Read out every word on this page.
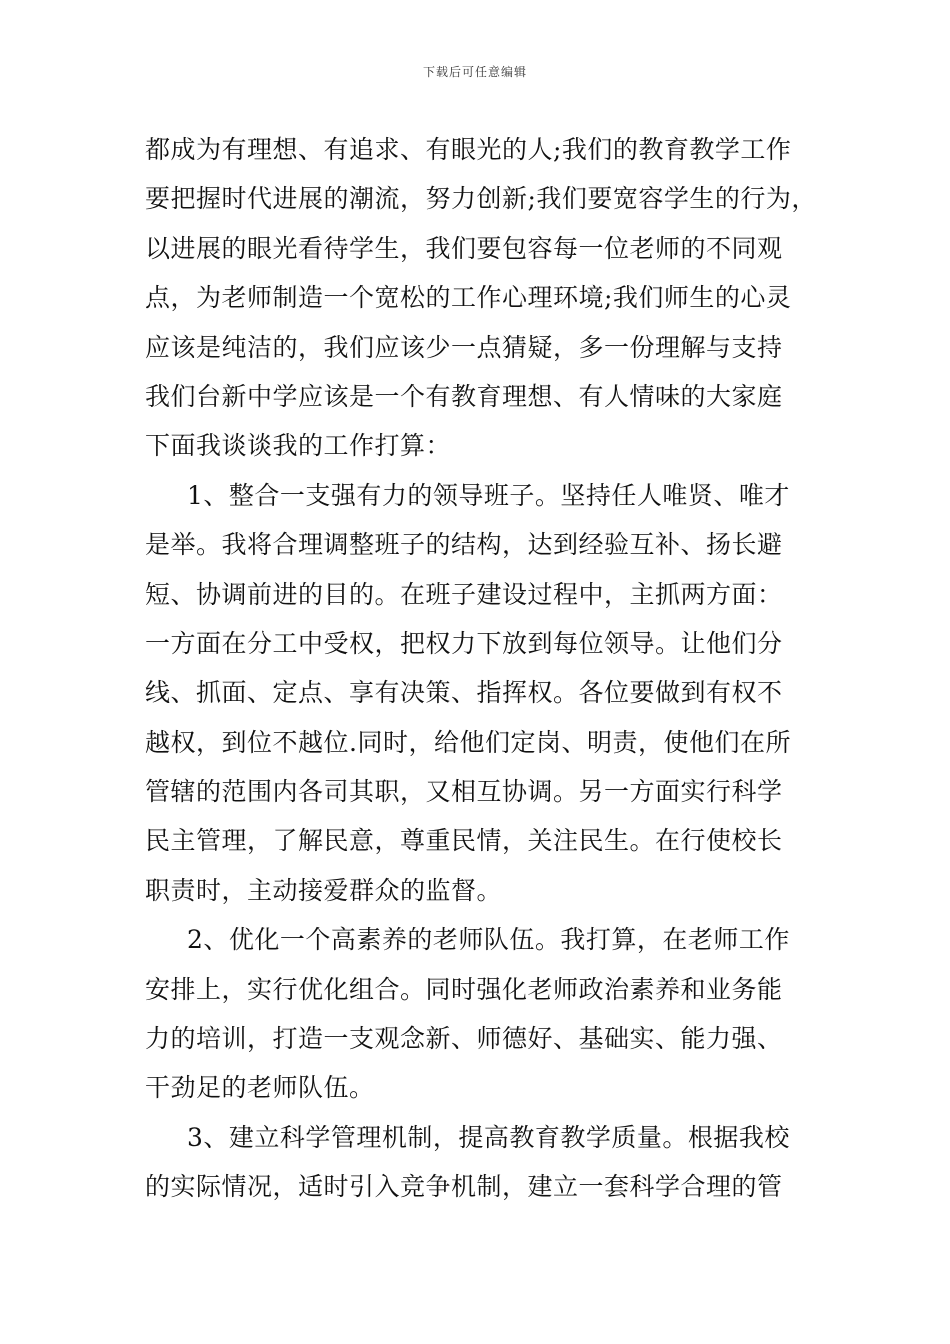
下载后可任意编辑
都成为有理想、有追求、有眼光的人;我们的教育教学工作
要把握时代进展的潮流，努力创新;我们要宽容学生的行为，
以进展的眼光看待学生，我们要包容每一位老师的不同观
点，为老师制造一个宽松的工作心理环境;我们师生的心灵
应该是纯洁的，我们应该少一点猜疑，多一份理解与支持
我们台新中学应该是一个有教育理想、有人情味的大家庭
下面我谈谈我的工作打算：
1、整合一支强有力的领导班子。坚持任人唯贤、唯才
是举。我将合理调整班子的结构，达到经验互补、扬长避
短、协调前进的目的。在班子建设过程中，主抓两方面：
一方面在分工中受权，把权力下放到每位领导。让他们分
线、抓面、定点、享有决策、指挥权。各位要做到有权不
越权，到位不越位.同时，给他们定岗、明责，使他们在所
管辖的范围内各司其职，又相互协调。另一方面实行科学
民主管理，了解民意，尊重民情，关注民生。在行使校长
职责时，主动接爱群众的监督。
2、优化一个高素养的老师队伍。我打算，在老师工作
安排上，实行优化组合。同时强化老师政治素养和业务能
力的培训，打造一支观念新、师德好、基础实、能力强、
干劲足的老师队伍。
3、建立科学管理机制，提高教育教学质量。根据我校
的实际情况，适时引入竞争机制，建立一套科学合理的管
